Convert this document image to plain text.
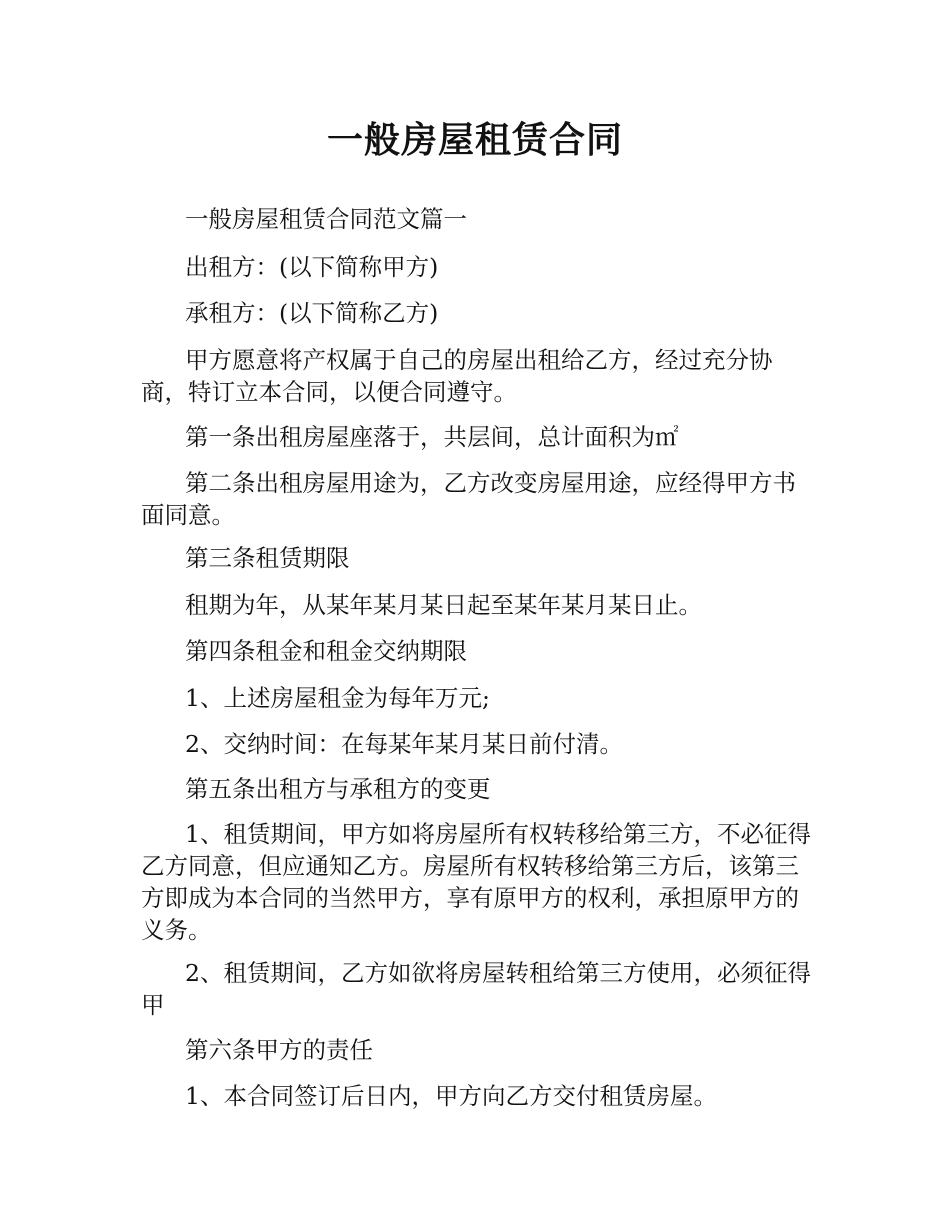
一般房屋租赁合同

一般房屋租赁合同范文篇一

出租方：(以下简称甲方)

承租方：(以下简称乙方)

甲方愿意将产权属于自己的房屋出租给乙方，经过充分协商，特订立本合同，以便合同遵守。

第一条出租房屋座落于，共层间，总计面积为㎡

第二条出租房屋用途为，乙方改变房屋用途，应经得甲方书面同意。

第三条租赁期限

租期为年，从某年某月某日起至某年某月某日止。

第四条租金和租金交纳期限

1、上述房屋租金为每年万元;

2、交纳时间：在每某年某月某日前付清。

第五条出租方与承租方的变更

1、租赁期间，甲方如将房屋所有权转移给第三方，不必征得乙方同意，但应通知乙方。房屋所有权转移给第三方后，该第三方即成为本合同的当然甲方，享有原甲方的权利，承担原甲方的义务。

2、租赁期间，乙方如欲将房屋转租给第三方使用，必须征得甲

第六条甲方的责任

1、本合同签订后日内，甲方向乙方交付租赁房屋。
